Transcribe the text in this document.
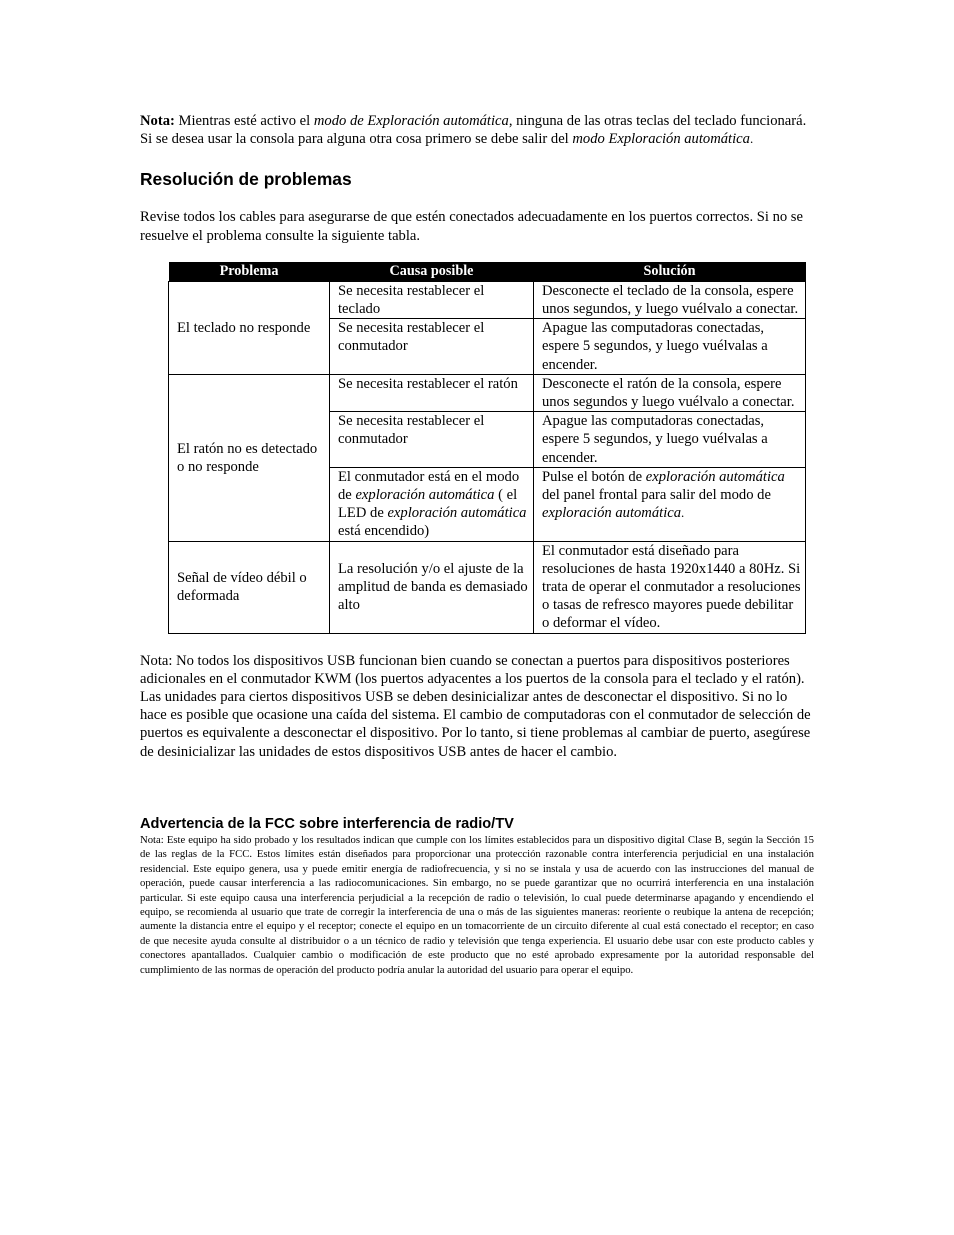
Nota: Mientras esté activo el modo de Exploración automática, ninguna de las otras teclas del teclado funcionará. Si se desea usar la consola para alguna otra cosa primero se debe salir del modo Exploración automática.

Resolución de problemas

Revise todos los cables para asegurarse de que estén conectados adecuadamente en los puertos correctos. Si no se resuelve el problema consulte la siguiente tabla.

Problema	Causa posible	Solución
El teclado no responde	Se necesita restablecer el teclado	Desconecte el teclado de la consola, espere unos segundos, y luego vuélvalo a conectar.
	Se necesita restablecer el conmutador	Apague las computadoras conectadas, espere 5 segundos, y luego vuélvalas a encender.
El ratón no es detectado o no responde	Se necesita restablecer el ratón	Desconecte el ratón de la consola, espere unos segundos y luego vuélvalo a conectar.
	Se necesita restablecer el conmutador	Apague las computadoras conectadas, espere 5 segundos, y luego vuélvalas a encender.
	El conmutador está en el modo de exploración automática ( el LED de exploración automática está encendido)	Pulse el botón de exploración automática del panel frontal para salir del modo de exploración automática.
Señal de vídeo débil o deformada	La resolución y/o el ajuste de la amplitud de banda es demasiado alto	El conmutador está diseñado para resoluciones de hasta 1920x1440 a 80Hz. Si trata de operar el conmutador a resoluciones o tasas de refresco mayores puede debilitar o deformar el vídeo.

Nota: No todos los dispositivos USB funcionan bien cuando se conectan a puertos para dispositivos posteriores adicionales en el conmutador KWM (los puertos adyacentes a los puertos de la consola para el teclado y el ratón). Las unidades para ciertos dispositivos USB se deben desinicializar antes de desconectar el dispositivo. Si no lo hace es posible que ocasione una caída del sistema. El cambio de computadoras con el conmutador de selección de puertos es equivalente a desconectar el dispositivo. Por lo tanto, si tiene problemas al cambiar de puerto, asegúrese de desinicializar las unidades de estos dispositivos USB antes de hacer el cambio.

Advertencia de la FCC sobre interferencia de radio/TV

Nota: Este equipo ha sido probado y los resultados indican que cumple con los límites establecidos para un dispositivo digital Clase B, según la Sección 15 de las reglas de la FCC. Estos límites están diseñados para proporcionar una protección razonable contra interferencia perjudicial en una instalación residencial. Este equipo genera, usa y puede emitir energía de radiofrecuencia, y si no se instala y usa de acuerdo con las instrucciones del manual de operación, puede causar interferencia a las radiocomunicaciones. Sin embargo, no se puede garantizar que no ocurrirá interferencia en una instalación particular. Si este equipo causa una interferencia perjudicial a la recepción de radio o televisión, lo cual puede determinarse apagando y encendiendo el equipo, se recomienda al usuario que trate de corregir la interferencia de una o más de las siguientes maneras: reoriente o reubique la antena de recepción; aumente la distancia entre el equipo y el receptor; conecte el equipo en un tomacorriente de un circuito diferente al cual está conectado el receptor; en caso de que necesite ayuda consulte al distribuidor o a un técnico de radio y televisión que tenga experiencia. El usuario debe usar con este producto cables y conectores apantallados. Cualquier cambio o modificación de este producto que no esté aprobado expresamente por la autoridad responsable del cumplimiento de las normas de operación del producto podría anular la autoridad del usuario para operar el equipo.
